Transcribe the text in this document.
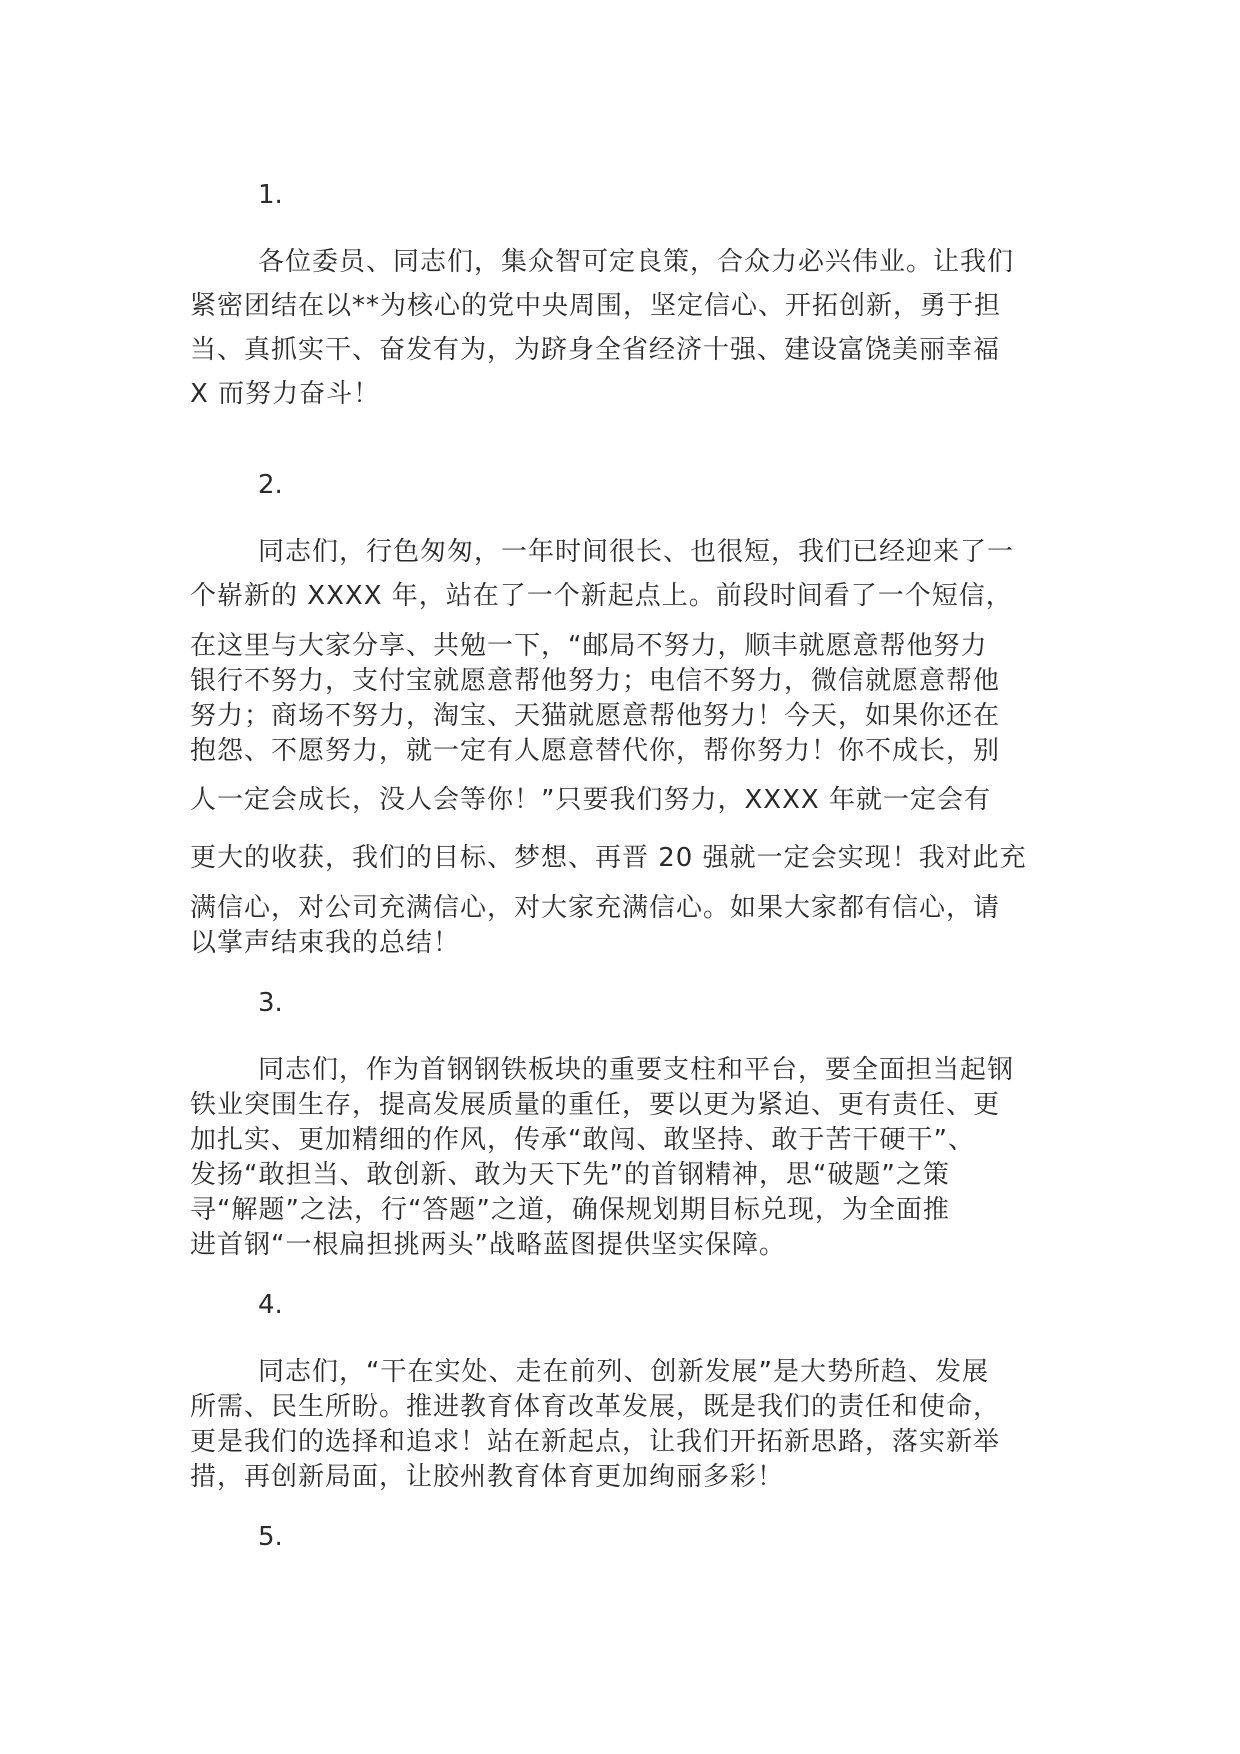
1.
各位委员、同志们，集众智可定良策，合众力必兴伟业。让我们
紧密团结在以**为核心的党中央周围，坚定信心、开拓创新，勇于担
当、真抓实干、奋发有为，为跻身全省经济十强、建设富饶美丽幸福
X 而努力奋斗！
2.
同志们，行色匆匆，一年时间很长、也很短，我们已经迎来了一
个崭新的 XXXX 年，站在了一个新起点上。前段时间看了一个短信，
在这里与大家分享、共勉一下，“邮局不努力，顺丰就愿意帮他努力
银行不努力，支付宝就愿意帮他努力；电信不努力，微信就愿意帮他
努力；商场不努力，淘宝、天猫就愿意帮他努力！今天，如果你还在
抱怨、不愿努力，就一定有人愿意替代你，帮你努力！你不成长，别
人一定会成长，没人会等你！”只要我们努力，XXXX 年就一定会有
更大的收获，我们的目标、梦想、再晋 20 强就一定会实现！我对此充
满信心，对公司充满信心，对大家充满信心。如果大家都有信心，请
以掌声结束我的总结！
3.
同志们，作为首钢钢铁板块的重要支柱和平台，要全面担当起钢
铁业突围生存，提高发展质量的重任，要以更为紧迫、更有责任、更
加扎实、更加精细的作风，传承“敢闯、敢坚持、敢于苦干硬干”、
发扬“敢担当、敢创新、敢为天下先”的首钢精神，思“破题”之策
寻“解题”之法，行“答题”之道，确保规划期目标兑现，为全面推
进首钢“一根扁担挑两头”战略蓝图提供坚实保障。
4.
同志们，“干在实处、走在前列、创新发展”是大势所趋、发展
所需、民生所盼。推进教育体育改革发展，既是我们的责任和使命，
更是我们的选择和追求！站在新起点，让我们开拓新思路，落实新举
措，再创新局面，让胶州教育体育更加绚丽多彩！
5.
